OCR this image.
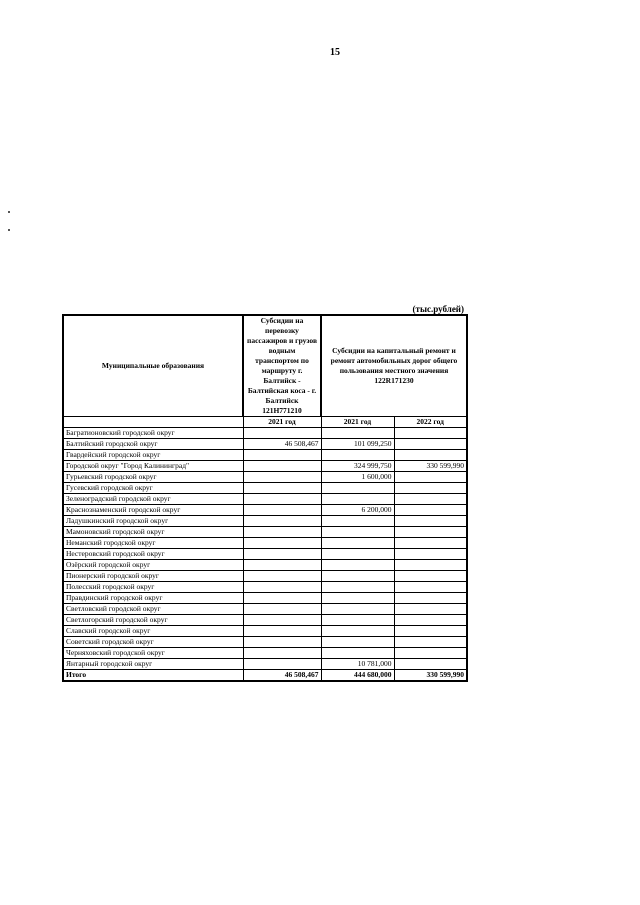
15
(тыс.рублей)
Муниципальные образования	Субсидии на перевозку пассажиров и грузов водным транспортом по маршруту г. Балтийск - Балтийская коса - г. Балтийск 121Н771210	Субсидии на капитальный ремонт и ремонт автомобильных дорог общего пользования местного значения 122R171230	
	2021 год	2021 год	2022 год
Багратионовский городской округ			
Балтийский городской округ	46 508,467	101 099,250	
Гвардейский городской округ			
Городской округ "Город Калининград"		324 999,750	330 599,990
Гурьевский городской округ		1 600,000	
Гусевский городской округ			
Зеленоградский городской округ			
Краснознаменский городской округ		6 200,000	
Ладушкинский городской округ			
Мамоновский городской округ			
Неманский городской округ			
Нестеровский городской округ			
Озёрский городской округ			
Пионерский городской округ			
Полесский городской округ			
Правдинский городской округ			
Светловский городской округ			
Светлогорский городской округ			
Славский городской округ			
Советский городской округ			
Черняховский городской округ			
Янтарный городской округ		10 781,000	
Итого	46 508,467	444 680,000	330 599,990
